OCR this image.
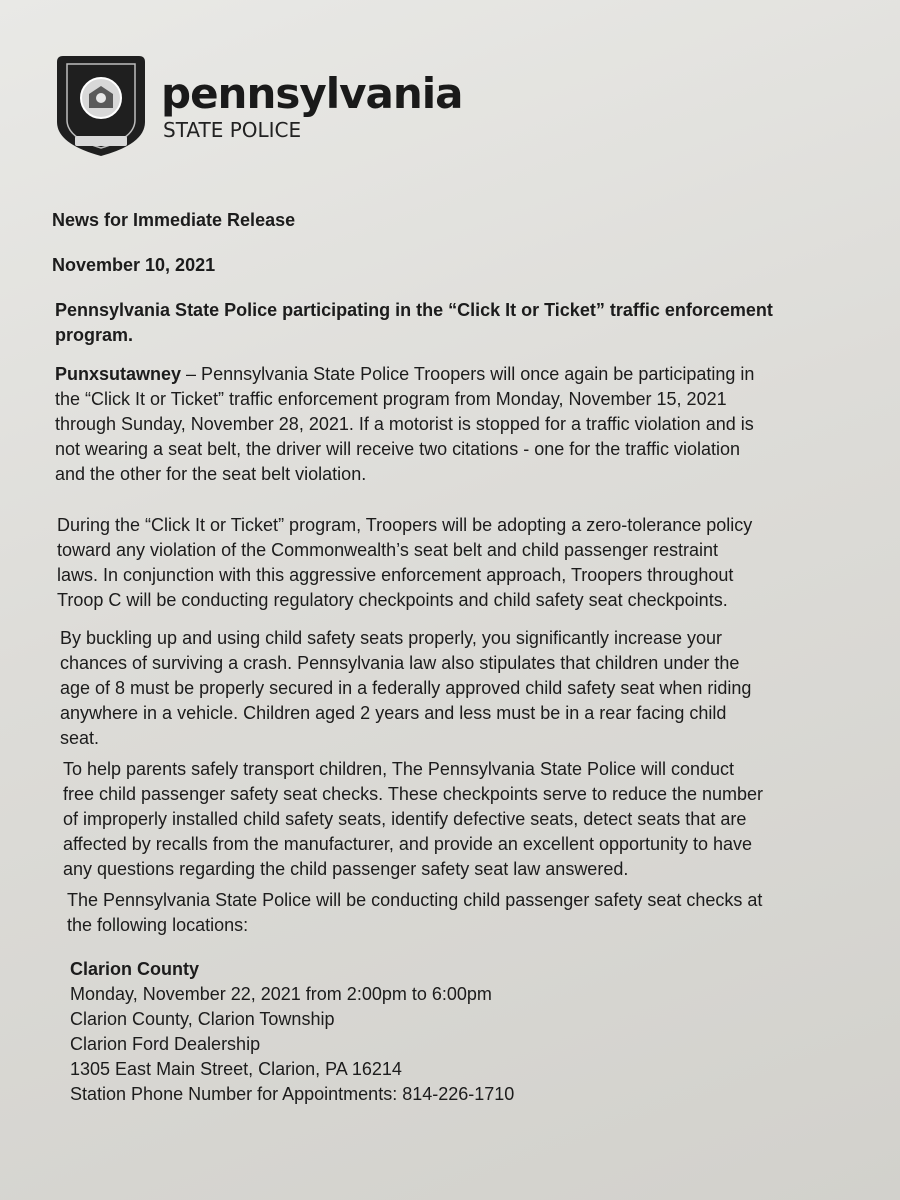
pennsylvania
STATE POLICE
News for Immediate Release
November 10, 2021
Pennsylvania State Police participating in the “Click It or Ticket” traffic enforcement
program.
Punxsutawney – Pennsylvania State Police Troopers will once again be participating in
the “Click It or Ticket” traffic enforcement program from Monday, November 15, 2021
through Sunday, November 28, 2021. If a motorist is stopped for a traffic violation and is
not wearing a seat belt, the driver will receive two citations - one for the traffic violation
and the other for the seat belt violation.
During the “Click It or Ticket” program, Troopers will be adopting a zero-tolerance policy
toward any violation of the Commonwealth’s seat belt and child passenger restraint
laws. In conjunction with this aggressive enforcement approach, Troopers throughout
Troop C will be conducting regulatory checkpoints and child safety seat checkpoints.
By buckling up and using child safety seats properly, you significantly increase your
chances of surviving a crash. Pennsylvania law also stipulates that children under the
age of 8 must be properly secured in a federally approved child safety seat when riding
anywhere in a vehicle. Children aged 2 years and less must be in a rear facing child
seat.
To help parents safely transport children, The Pennsylvania State Police will conduct
free child passenger safety seat checks. These checkpoints serve to reduce the number
of improperly installed child safety seats, identify defective seats, detect seats that are
affected by recalls from the manufacturer, and provide an excellent opportunity to have
any questions regarding the child passenger safety seat law answered.
The Pennsylvania State Police will be conducting child passenger safety seat checks at
the following locations:
Clarion County
Monday, November 22, 2021 from 2:00pm to 6:00pm
Clarion County, Clarion Township
Clarion Ford Dealership
1305 East Main Street, Clarion, PA 16214
Station Phone Number for Appointments: 814-226-1710
